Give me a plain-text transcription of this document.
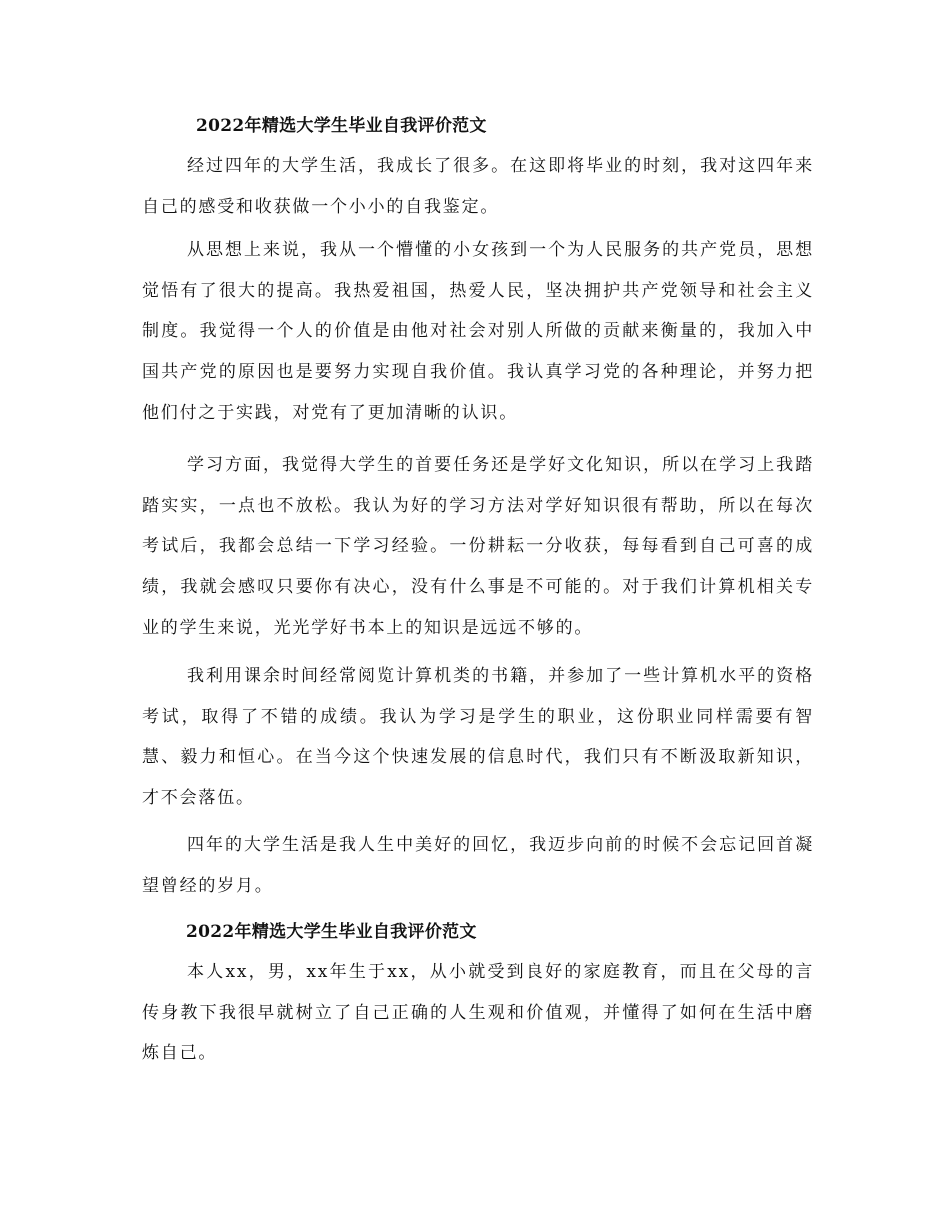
2022年精选大学生毕业自我评价范文

经过四年的大学生活，我成长了很多。在这即将毕业的时刻，我对这四年来自己的感受和收获做一个小小的自我鉴定。

从思想上来说，我从一个懵懂的小女孩到一个为人民服务的共产党员，思想觉悟有了很大的提高。我热爱祖国，热爱人民，坚决拥护共产党领导和社会主义制度。我觉得一个人的价值是由他对社会对别人所做的贡献来衡量的，我加入中国共产党的原因也是要努力实现自我价值。我认真学习党的各种理论，并努力把他们付之于实践，对党有了更加清晰的认识。

学习方面，我觉得大学生的首要任务还是学好文化知识，所以在学习上我踏踏实实，一点也不放松。我认为好的学习方法对学好知识很有帮助，所以在每次考试后，我都会总结一下学习经验。一份耕耘一分收获，每每看到自己可喜的成绩，我就会感叹只要你有决心，没有什么事是不可能的。对于我们计算机相关专业的学生来说，光光学好书本上的知识是远远不够的。

我利用课余时间经常阅览计算机类的书籍，并参加了一些计算机水平的资格考试，取得了不错的成绩。我认为学习是学生的职业，这份职业同样需要有智慧、毅力和恒心。在当今这个快速发展的信息时代，我们只有不断汲取新知识，才不会落伍。

四年的大学生活是我人生中美好的回忆，我迈步向前的时候不会忘记回首凝望曾经的岁月。

2022年精选大学生毕业自我评价范文

本人xx，男，xx年生于xx，从小就受到良好的家庭教育，而且在父母的言传身教下我很早就树立了自己正确的人生观和价值观，并懂得了如何在生活中磨炼自己。
